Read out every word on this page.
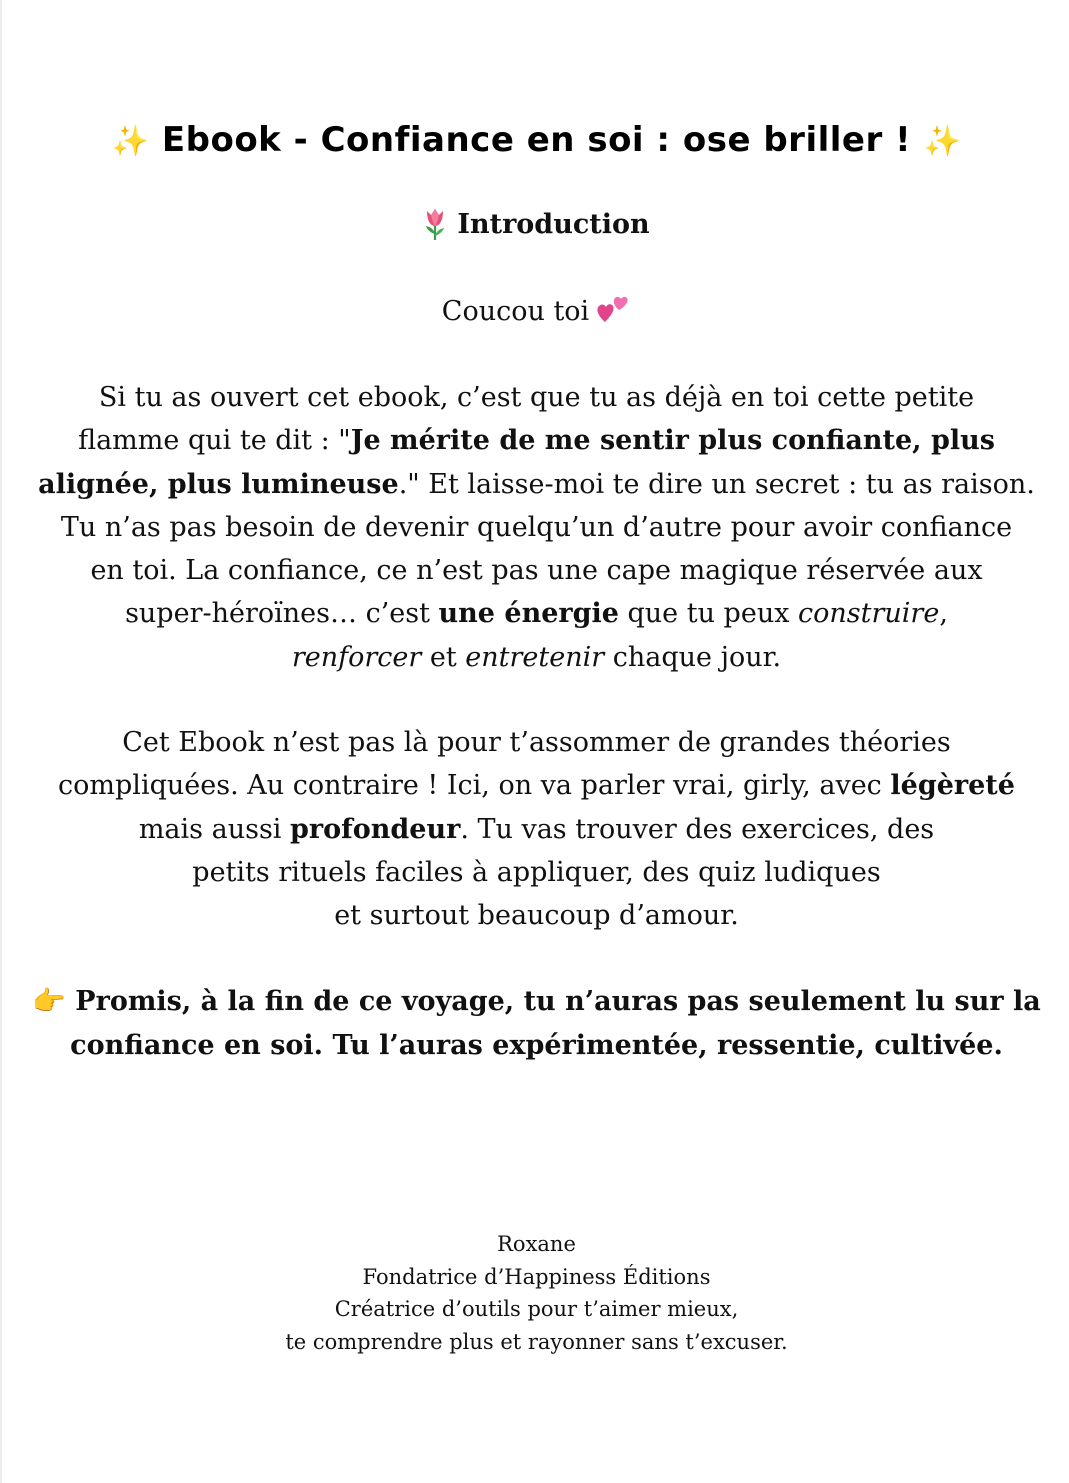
✨ Ebook - Confiance en soi : ose briller ! ✨
Introduction
Coucou toi
Si tu as ouvert cet ebook, c’est que tu as déjà en toi cette petite
flamme qui te dit : "Je mérite de me sentir plus confiante, plus
alignée, plus lumineuse." Et laisse-moi te dire un secret : tu as raison.
Tu n’as pas besoin de devenir quelqu’un d’autre pour avoir confiance
en toi. La confiance, ce n’est pas une cape magique réservée aux
super-héroïnes… c’est une énergie que tu peux construire,
renforcer et entretenir chaque jour.
Cet Ebook n’est pas là pour t’assommer de grandes théories
compliquées. Au contraire ! Ici, on va parler vrai, girly, avec légèreté
mais aussi profondeur. Tu vas trouver des exercices, des
petits rituels faciles à appliquer, des quiz ludiques
et surtout beaucoup d’amour.
👉 Promis, à la fin de ce voyage, tu n’auras pas seulement lu sur la
confiance en soi. Tu l’auras expérimentée, ressentie, cultivée.
Roxane
Fondatrice d’Happiness Éditions
Créatrice d’outils pour t’aimer mieux,
te comprendre plus et rayonner sans t’excuser.
